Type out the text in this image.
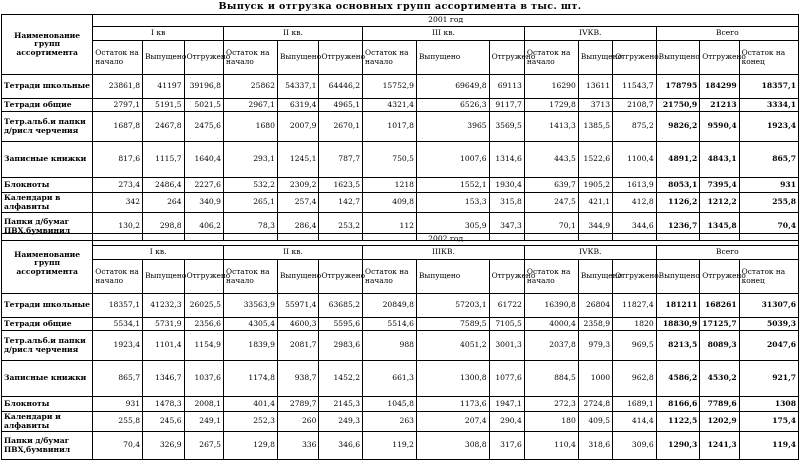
Выпуск и отгрузка основных групп ассортимента в тыс. шт.
Наименование групп ассортимента	2001 год														
	I кв			II кв.			III кв.			IVКВ.			Всего		
	Остаток на начало	Выпущено	Отгружено	Остаток на начало	Выпущено	Отгружено	Остаток на начало	Выпущено	Отгружено	Остаток на начало	Выпущено	Отгружено	Выпущено	Отгружено	Остаток на конец
Тетради школьные	23861,8	41197	39196,8	25862	54337,1	64446,2	15752,9	69649,8	69113	16290	13611	11543,7	178795	184299	18357,1
Тетради общие	2797,1	5191,5	5021,5	2967,1	6319,4	4965,1	4321,4	6526,3	9117,7	1729,8	3713	2108,7	21750,9	21213	3334,1
Тетр.альб.и папки д/рисл черчения	1687,8	2467,8	2475,6	1680	2007,9	2670,1	1017,8	3965	3569,5	1413,3	1385,5	875,2	9826,2	9590,4	1923,4
Записные книжки	817,6	1115,7	1640,4	293,1	1245,1	787,7	750,5	1007,6	1314,6	443,5	1522,6	1100,4	4891,2	4843,1	865,7
Блокноты	273,4	2486,4	2227,6	532,2	2309,2	1623,5	1218	1552,1	1930,4	639,7	1905,2	1613,9	8053,1	7395,4	931
Календари в алфавиты	342	264	340,9	265,1	257,4	142,7	409,8	153,3	315,8	247,5	421,1	412,8	1126,2	1212,2	255,8
Папки д/бумаг ПВХ,бумвинил	130,2	298,8	406,2	78,3	286,4	253,2	112	305,9	347,3	70,1	344,9	344,6	1236,7	1345,8	70,4
Наименование групп ассортимента	2002 год														
	I кв.			II кв.			IIIКВ.			IVКВ.			Всего		
	Остаток на начало	Выпущено	Отгружено	Остаток на начало	Выпущено	Отгружено	Остаток на начало	Выпущено	Отгружено	Остаток на начало	Выпущено	Отгружено	Выпущено	Отгружено	Остаток на конец
Тетради школьные	18357,1	41232,3	26025,5	33563,9	55971,4	63685,2	20849,8	57203,1	61722	16390,8	26804	11827,4	181211	168261	31307,6
Тетради общие	5534,1	5731,9	2356,6	4305,4	4600,3	5595,6	5514,6	7589,5	7105,5	4000,4	2358,9	1820	18830,9	17125,7	5039,3
Тетр.альб.и папки д/рисл черчения	1923,4	1101,4	1154,9	1839,9	2081,7	2983,6	988	4051,2	3001,3	2037,8	979,3	969,5	8213,5	8089,3	2047,6
Записные книжки	865,7	1346,7	1037,6	1174,8	938,7	1452,2	661,3	1300,8	1077,6	884,5	1000	962,8	4586,2	4530,2	921,7
Блокноты	931	1478,3	2008,1	401,4	2789,7	2145,3	1045,8	1173,6	1947,1	272,3	2724,8	1689,1	8166,6	7789,6	1308
Календари и алфавиты	255,8	245,6	249,1	252,3	260	249,3	263	207,4	290,4	180	409,5	414,4	1122,5	1202,9	175,4
Папки д/бумаг ПВХ,бумвинил	70,4	326,9	267,5	129,8	336	346,6	119,2	308,8	317,6	110,4	318,6	309,6	1290,3	1241,3	119,4
